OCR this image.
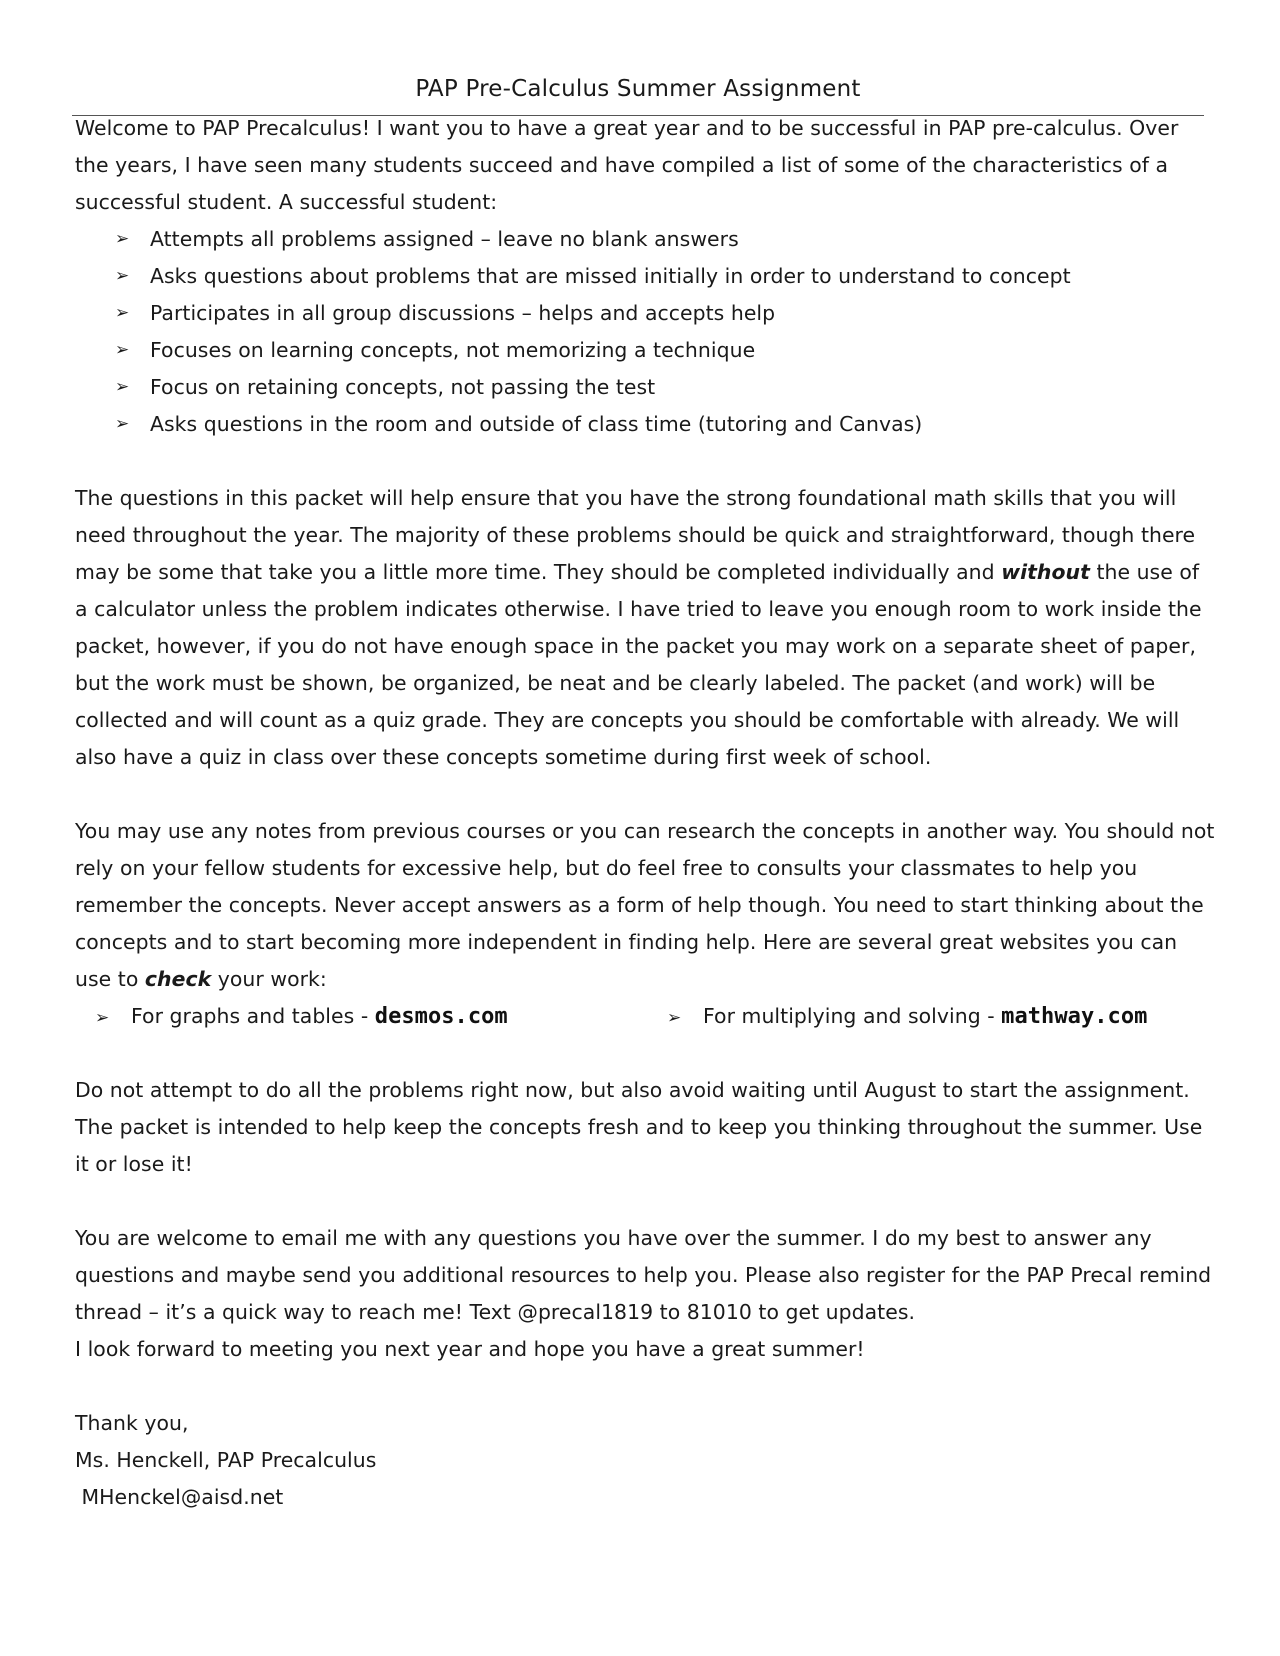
PAP Pre-Calculus Summer Assignment

Welcome to PAP Precalculus! I want you to have a great year and to be successful in PAP pre-calculus. Over the years, I have seen many students succeed and have compiled a list of some of the characteristics of a successful student. A successful student:

➢ Attempts all problems assigned – leave no blank answers
➢ Asks questions about problems that are missed initially in order to understand to concept
➢ Participates in all group discussions – helps and accepts help
➢ Focuses on learning concepts, not memorizing a technique
➢ Focus on retaining concepts, not passing the test
➢ Asks questions in the room and outside of class time (tutoring and Canvas)

The questions in this packet will help ensure that you have the strong foundational math skills that you will need throughout the year. The majority of these problems should be quick and straightforward, though there may be some that take you a little more time. They should be completed individually and without the use of a calculator unless the problem indicates otherwise. I have tried to leave you enough room to work inside the packet, however, if you do not have enough space in the packet you may work on a separate sheet of paper, but the work must be shown, be organized, be neat and be clearly labeled. The packet (and work) will be collected and will count as a quiz grade. They are concepts you should be comfortable with already. We will also have a quiz in class over these concepts sometime during first week of school.

You may use any notes from previous courses or you can research the concepts in another way. You should not rely on your fellow students for excessive help, but do feel free to consults your classmates to help you remember the concepts. Never accept answers as a form of help though. You need to start thinking about the concepts and to start becoming more independent in finding help. Here are several great websites you can use to check your work:

➢ For graphs and tables - desmos.com	➢ For multiplying and solving - mathway.com

Do not attempt to do all the problems right now, but also avoid waiting until August to start the assignment. The packet is intended to help keep the concepts fresh and to keep you thinking throughout the summer. Use it or lose it!

You are welcome to email me with any questions you have over the summer. I do my best to answer any questions and maybe send you additional resources to help you. Please also register for the PAP Precal remind thread – it’s a quick way to reach me! Text @precal1819 to 81010 to get updates.

I look forward to meeting you next year and hope you have a great summer!

Thank you,

Ms. Henckell, PAP Precalculus

MHenckel@aisd.net
